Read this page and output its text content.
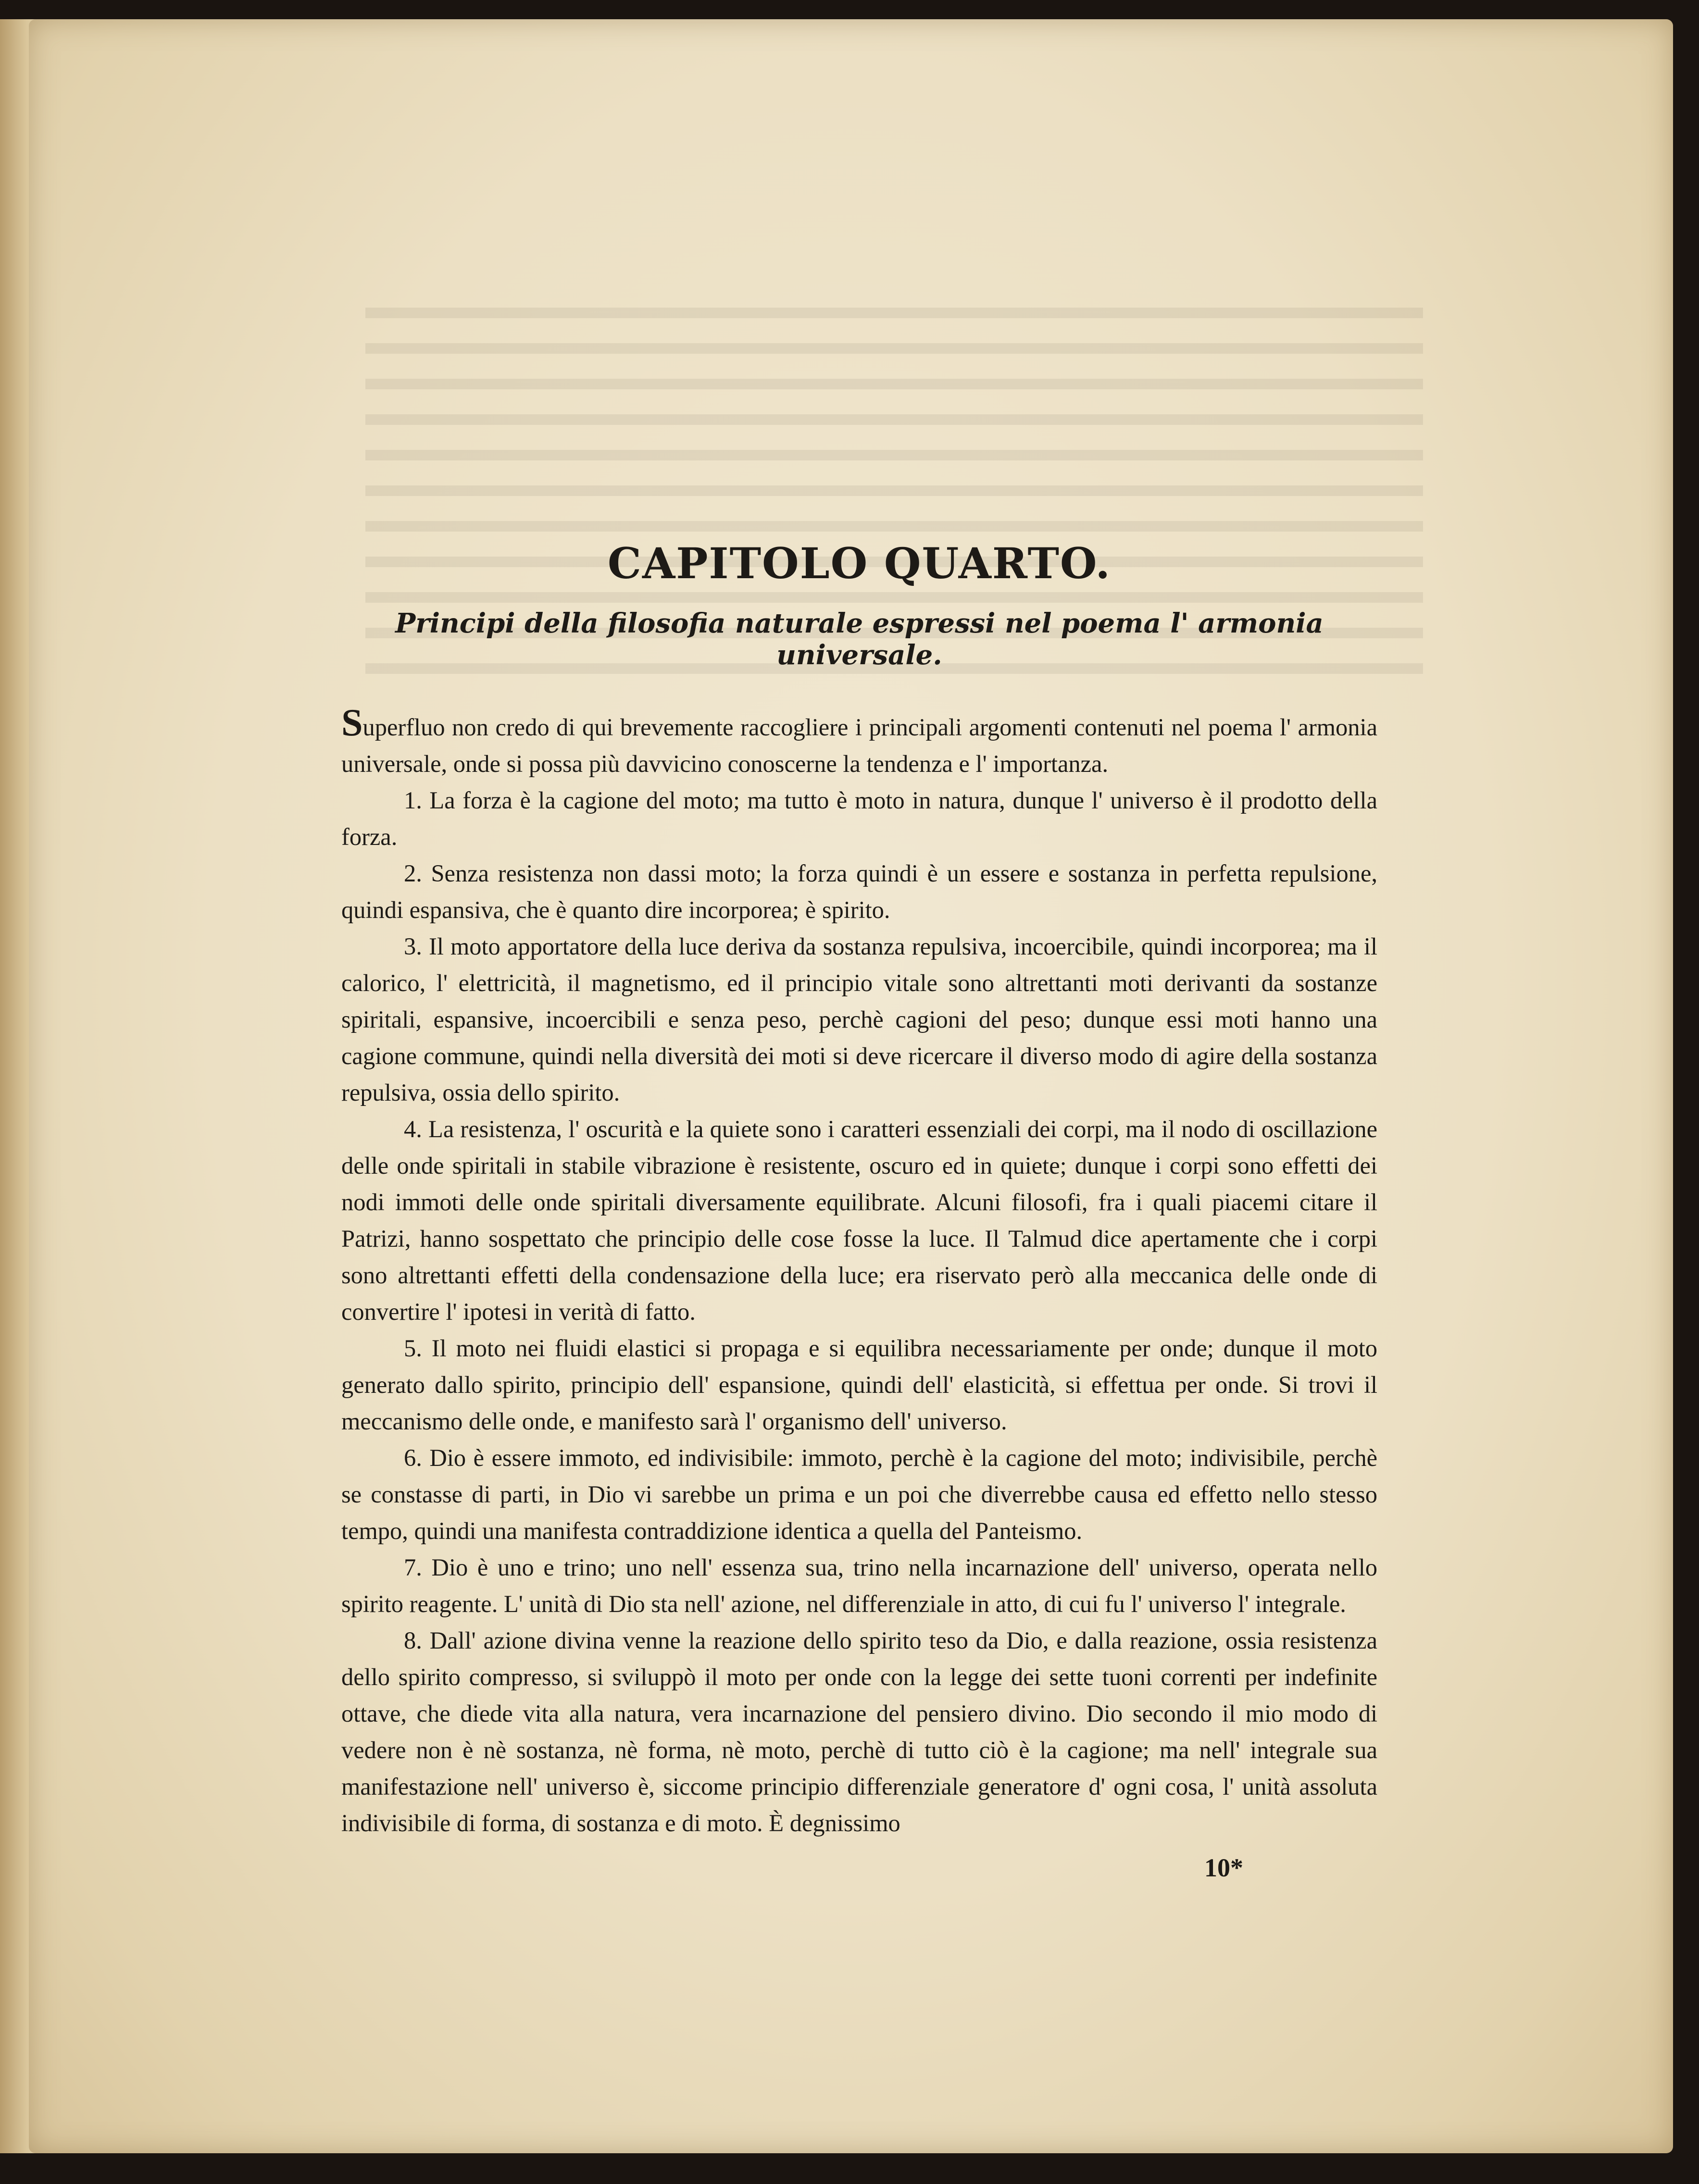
CAPITOLO QUARTO.
Principi della filosofia naturale espressi nel poema l' armonia universale.

Superfluo non credo di qui brevemente raccogliere i principali argomenti contenuti nel poema l' armonia universale, onde si possa più davvicino conoscerne la tendenza e l' importanza.

1. La forza è la cagione del moto; ma tutto è moto in natura, dunque l' universo è il prodotto della forza.

2. Senza resistenza non dassi moto; la forza quindi è un essere e sostanza in perfetta repulsione, quindi espansiva, che è quanto dire incorporea; è spirito.

3. Il moto apportatore della luce deriva da sostanza repulsiva, incoercibile, quindi incorporea; ma il calorico, l' elettricità, il magnetismo, ed il principio vitale sono altrettanti moti derivanti da sostanze spiritali, espansive, incoercibili e senza peso, perchè cagioni del peso; dunque essi moti hanno una cagione commune, quindi nella diversità dei moti si deve ricercare il diverso modo di agire della sostanza repulsiva, ossia dello spirito.

4. La resistenza, l' oscurità e la quiete sono i caratteri essenziali dei corpi, ma il nodo di oscillazione delle onde spiritali in stabile vibrazione è resistente, oscuro ed in quiete; dunque i corpi sono effetti dei nodi immoti delle onde spiritali diversamente equilibrate. Alcuni filosofi, fra i quali piacemi citare il Patrizi, hanno sospettato che principio delle cose fosse la luce. Il Talmud dice apertamente che i corpi sono altrettanti effetti della condensazione della luce; era riservato però alla meccanica delle onde di convertire l' ipotesi in verità di fatto.

5. Il moto nei fluidi elastici si propaga e si equilibra necessariamente per onde; dunque il moto generato dallo spirito, principio dell' espansione, quindi dell' elasticità, si effettua per onde. Si trovi il meccanismo delle onde, e manifesto sarà l' organismo dell' universo.

6. Dio è essere immoto, ed indivisibile: immoto, perchè è la cagione del moto; indivisibile, perchè se constasse di parti, in Dio vi sarebbe un prima e un poi che diverrebbe causa ed effetto nello stesso tempo, quindi una manifesta contraddizione identica a quella del Panteismo.

7. Dio è uno e trino; uno nell' essenza sua, trino nella incarnazione dell' universo, operata nello spirito reagente. L' unità di Dio sta nell' azione, nel differenziale in atto, di cui fu l' universo l' integrale.

8. Dall' azione divina venne la reazione dello spirito teso da Dio, e dalla reazione, ossia resistenza dello spirito compresso, si sviluppò il moto per onde con la legge dei sette tuoni correnti per indefinite ottave, che diede vita alla natura, vera incarnazione del pensiero divino. Dio secondo il mio modo di vedere non è nè sostanza, nè forma, nè moto, perchè di tutto ciò è la cagione; ma nell' integrale sua manifestazione nell' universo è, siccome principio differenziale generatore d' ogni cosa, l' unità assoluta indivisibile di forma, di sostanza e di moto. È degnissimo

10*
